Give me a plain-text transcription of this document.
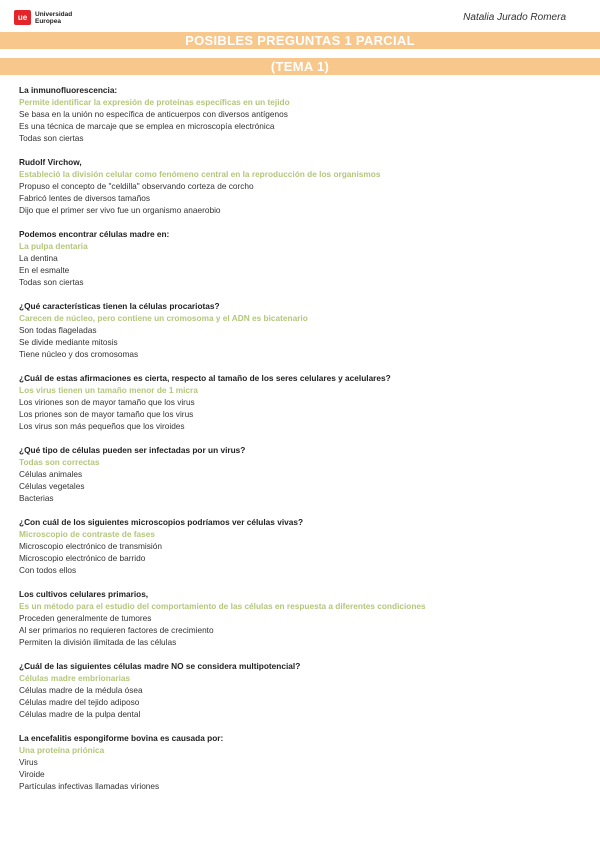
ue	Universidad
Europea	Natalia Jurado Romera
POSIBLES PREGUNTAS 1 PARCIAL
(TEMA 1)
La inmunofluorescencia:
Permite identificar la expresión de proteínas específicas en un tejido
Se basa en la unión no específica de anticuerpos con diversos antígenos
Es una técnica de marcaje que se emplea en microscopía electrónica
Todas son ciertas
Rudolf Virchow,
Estableció la división celular como fenómeno central en la reproducción de los organismos
Propuso el concepto de "celdilla" observando corteza de corcho
Fabricó lentes de diversos tamaños
Dijo que el primer ser vivo fue un organismo anaerobio
Podemos encontrar células madre en:
La pulpa dentaria
La dentina
En el esmalte
Todas son ciertas
¿Qué características tienen la células procariotas?
Carecen de núcleo, pero contiene un cromosoma y el ADN es bicatenario
Son todas flageladas
Se divide mediante mitosis
Tiene núcleo y dos cromosomas
¿Cuál de estas afirmaciones es cierta, respecto al tamaño de los seres celulares y acelulares?
Los virus tienen un tamaño menor de 1 micra
Los viriones son de mayor tamaño que los virus
Los priones son de mayor tamaño que los virus
Los virus son más pequeños que los viroides
¿Qué tipo de células pueden ser infectadas por un virus?
Todas son correctas
Células animales
Células vegetales
Bacterias
¿Con cuál de los siguientes microscopios podríamos ver células vivas?
Microscopio de contraste de fases
Microscopio electrónico de transmisión
Microscopio electrónico de barrido
Con todos ellos
Los cultivos celulares primarios,
Es un método para el estudio del comportamiento de las células en respuesta a diferentes condiciones
Proceden generalmente de tumores
Al ser primarios no requieren factores de crecimiento
Permiten la división ilimitada de las células
¿Cuál de las siguientes células madre NO se considera multipotencial?
Células madre embrionarias
Células madre de la médula ósea
Células madre del tejido adiposo
Células madre de la pulpa dental
La encefalitis espongiforme bovina es causada por:
Una proteína priónica
Virus
Viroide
Partículas infectivas llamadas viriones
